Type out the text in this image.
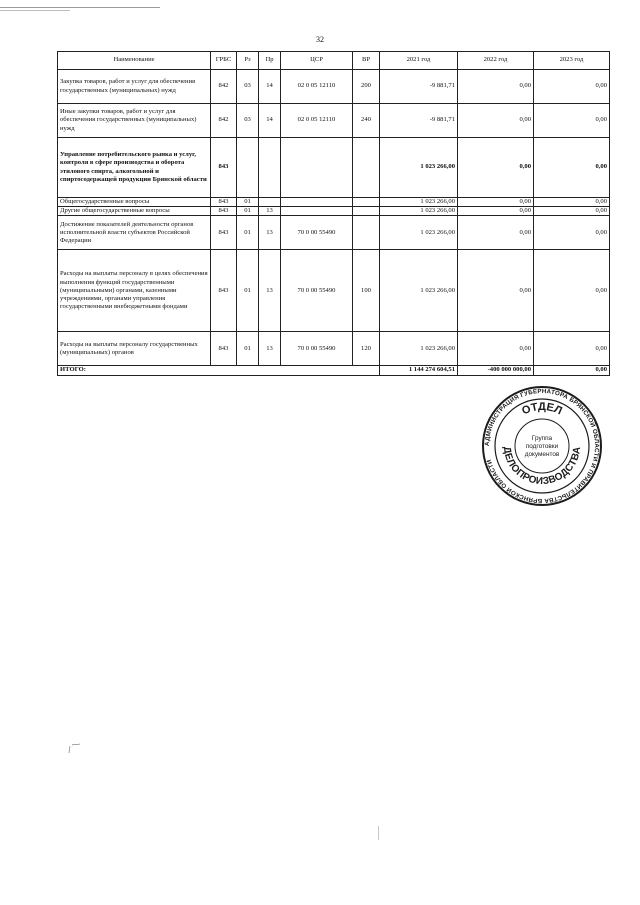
32
Наименование	ГРБС	Рз	Пр	ЦСР	ВР	2021 год	2022 год	2023 год
Закупка товаров, работ и услуг для обеспечения государственных (муниципальных) нужд	842	03	14	02 0 05 12110	200	-9 881,71	0,00	0,00
Иные закупки товаров, работ и услуг для обеспечения государственных (муниципальных) нужд	842	03	14	02 0 05 12110	240	-9 881,71	0,00	0,00
Управление потребительского рынка и услуг, контроля в сфере производства и оборота этилового спирта, алкогольной и спиртосодержащей продукции Брянской области	843					1 023 266,00	0,00	0,00
Общегосударственные вопросы	843	01				1 023 266,00	0,00	0,00
Другие общегосударственные вопросы	843	01	13			1 023 266,00	0,00	0,00
Достижение показателей деятельности органов исполнительной власти субъектов Российской Федерации	843	01	13	70 0 00 55490		1 023 266,00	0,00	0,00
Расходы на выплаты персоналу в целях обеспечения выполнения функций государственными (муниципальными) органами, казенными учреждениями, органами управления государственными внебюджетными фондами	843	01	13	70 0 00 55490	100	1 023 266,00	0,00	0,00
Расходы на выплаты персоналу государственных (муниципальных) органов	843	01	13	70 0 00 55490	120	1 023 266,00	0,00	0,00
ИТОГО:						1 144 274 604,51	-400 000 000,00	0,00
АДМИНИСТРАЦИЯ ГУБЕРНАТОРА БРЯНСКОЙ ОБЛАСТИ И ПРАВИТЕЛЬСТВА БРЯНСКОЙ ОБЛАСТИ
ОТДЕЛ
ДЕЛОПРОИЗВОДСТВА
Группа
подготовки
документов
